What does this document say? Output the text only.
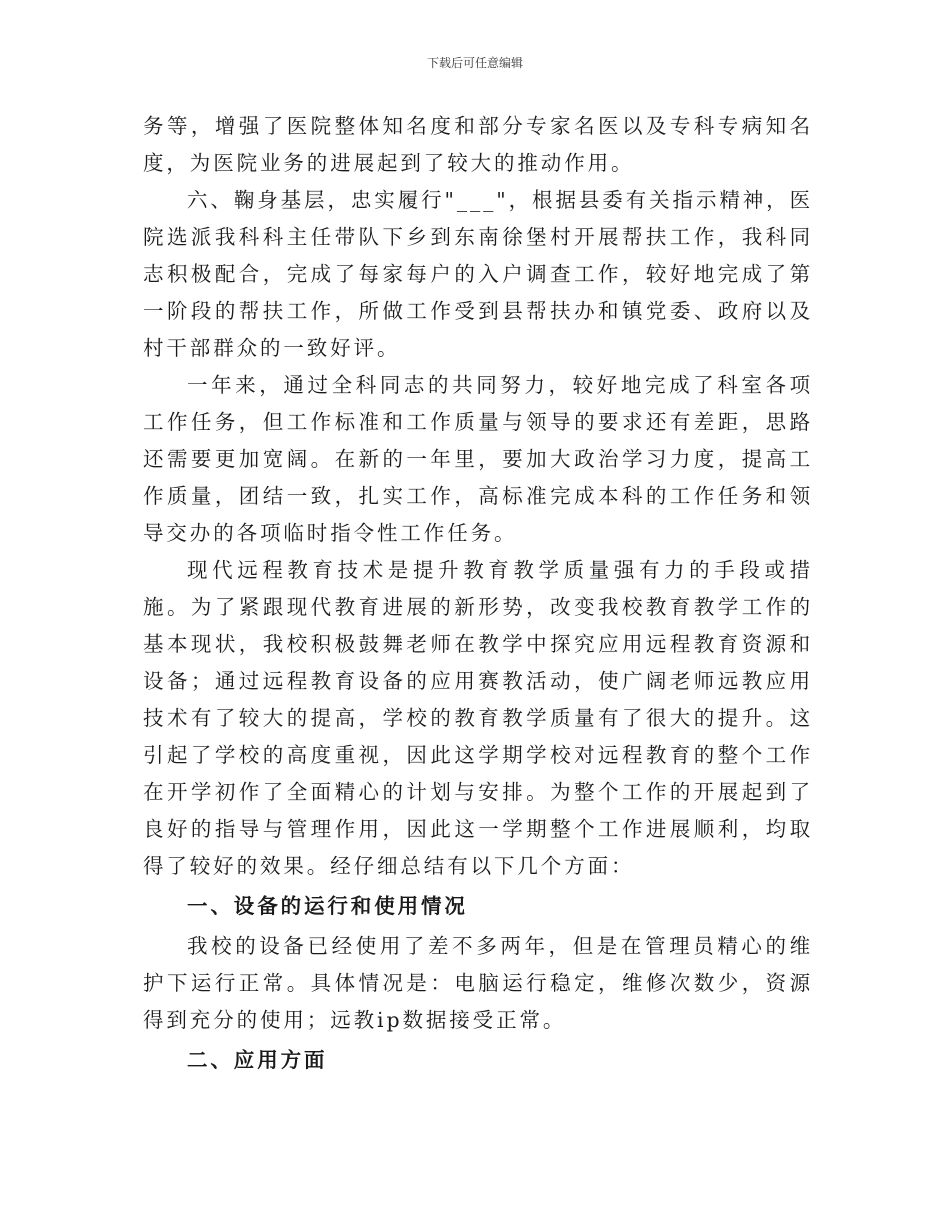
下载后可任意编辑

务等，增强了医院整体知名度和部分专家名医以及专科专病知名度，为医院业务的进展起到了较大的推动作用。

六、鞠身基层，忠实履行"___"，根据县委有关指示精神，医院选派我科科主任带队下乡到东南徐堡村开展帮扶工作，我科同志积极配合，完成了每家每户的入户调查工作，较好地完成了第一阶段的帮扶工作，所做工作受到县帮扶办和镇党委、政府以及村干部群众的一致好评。

一年来，通过全科同志的共同努力，较好地完成了科室各项工作任务，但工作标准和工作质量与领导的要求还有差距，思路还需要更加宽阔。在新的一年里，要加大政治学习力度，提高工作质量，团结一致，扎实工作，高标准完成本科的工作任务和领导交办的各项临时指令性工作任务。

现代远程教育技术是提升教育教学质量强有力的手段或措施。为了紧跟现代教育进展的新形势，改变我校教育教学工作的基本现状，我校积极鼓舞老师在教学中探究应用远程教育资源和设备；通过远程教育设备的应用赛教活动，使广阔老师远教应用技术有了较大的提高，学校的教育教学质量有了很大的提升。这引起了学校的高度重视，因此这学期学校对远程教育的整个工作在开学初作了全面精心的计划与安排。为整个工作的开展起到了良好的指导与管理作用，因此这一学期整个工作进展顺利，均取得了较好的效果。经仔细总结有以下几个方面：

一、设备的运行和使用情况

我校的设备已经使用了差不多两年，但是在管理员精心的维护下运行正常。具体情况是：电脑运行稳定，维修次数少，资源得到充分的使用；远教ip数据接受正常。

二、应用方面
